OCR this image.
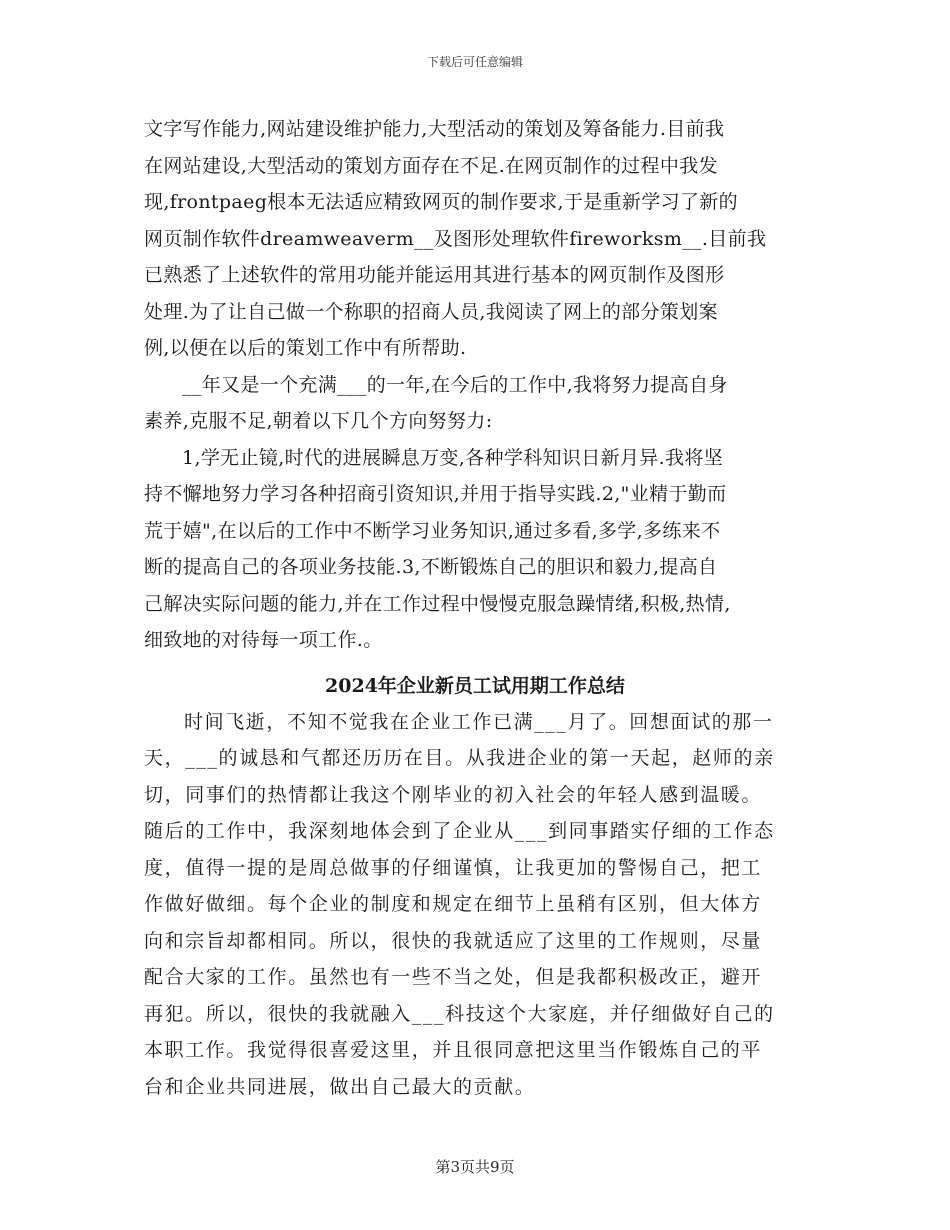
下载后可任意编辑
文字写作能力,网站建设维护能力,大型活动的策划及筹备能力.目前我
在网站建设,大型活动的策划方面存在不足.在网页制作的过程中我发
现,frontpaeg根本无法适应精致网页的制作要求,于是重新学习了新的
网页制作软件dreamweaverm__及图形处理软件fireworksm__.目前我
已熟悉了上述软件的常用功能并能运用其进行基本的网页制作及图形
处理.为了让自己做一个称职的招商人员,我阅读了网上的部分策划案
例,以便在以后的策划工作中有所帮助.
__年又是一个充满___的一年,在今后的工作中,我将努力提高自身
素养,克服不足,朝着以下几个方向努努力:
1,学无止镜,时代的进展瞬息万变,各种学科知识日新月异.我将坚
持不懈地努力学习各种招商引资知识,并用于指导实践.2,"业精于勤而
荒于嬉",在以后的工作中不断学习业务知识,通过多看,多学,多练来不
断的提高自己的各项业务技能.3,不断锻炼自己的胆识和毅力,提高自
己解决实际问题的能力,并在工作过程中慢慢克服急躁情绪,积极,热情,
细致地的对待每一项工作.。
2024年企业新员工试用期工作总结
时间飞逝，不知不觉我在企业工作已满___月了。回想面试的那一
天，___的诚恳和气都还历历在目。从我进企业的第一天起，赵师的亲
切，同事们的热情都让我这个刚毕业的初入社会的年轻人感到温暖。
随后的工作中，我深刻地体会到了企业从___到同事踏实仔细的工作态
度，值得一提的是周总做事的仔细谨慎，让我更加的警惕自己，把工
作做好做细。每个企业的制度和规定在细节上虽稍有区别，但大体方
向和宗旨却都相同。所以，很快的我就适应了这里的工作规则，尽量
配合大家的工作。虽然也有一些不当之处，但是我都积极改正，避开
再犯。所以，很快的我就融入___科技这个大家庭，并仔细做好自己的
本职工作。我觉得很喜爱这里，并且很同意把这里当作锻炼自己的平
台和企业共同进展，做出自己最大的贡献。
第3页共9页
